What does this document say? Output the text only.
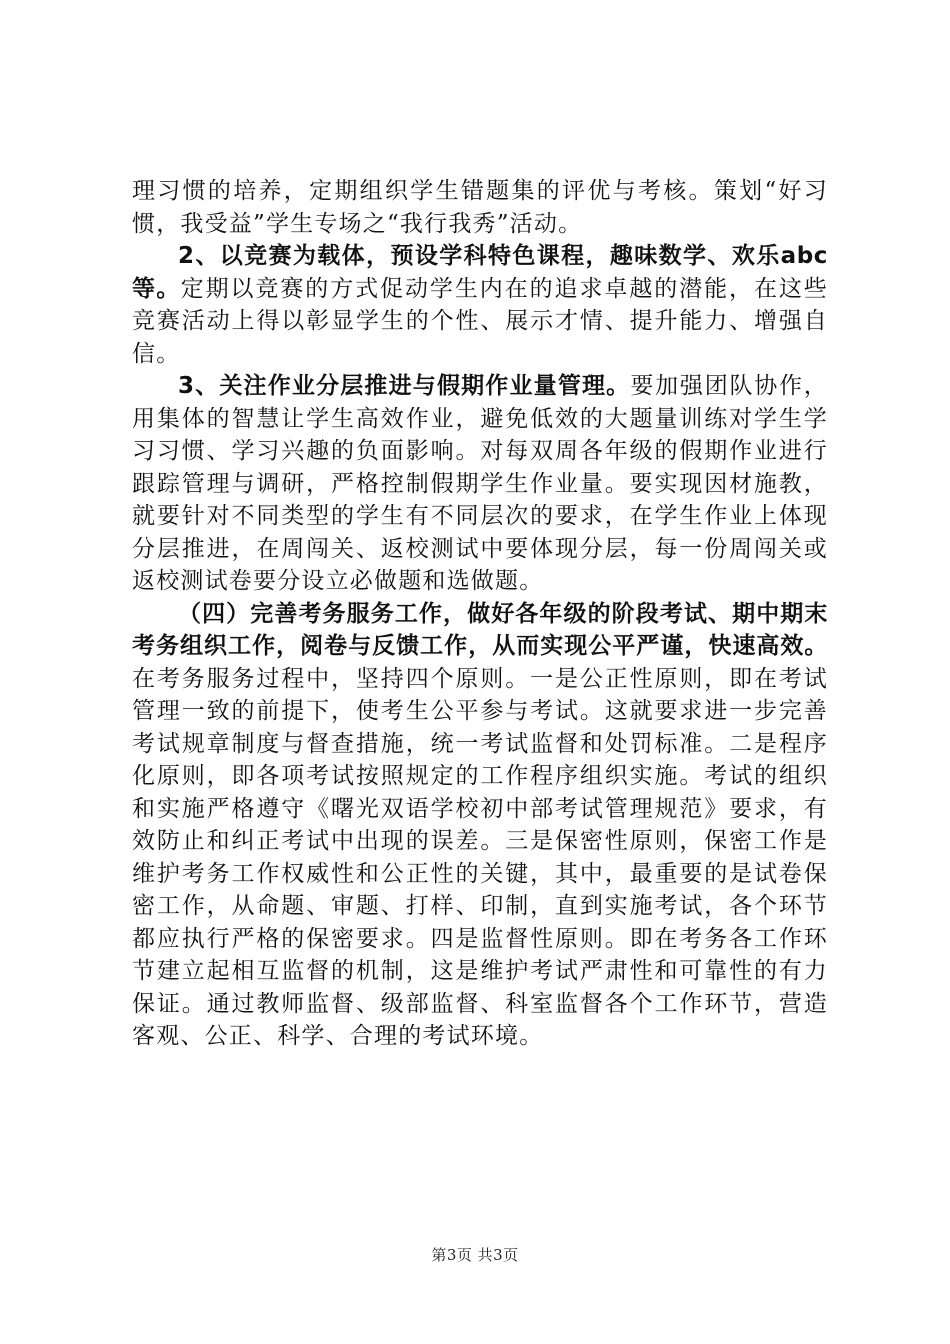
理习惯的培养，定期组织学生错题集的评优与考核。策划“好习惯，我受益”学生专场之“我行我秀”活动。

2、以竞赛为载体，预设学科特色课程，趣味数学、欢乐abc等。定期以竞赛的方式促动学生内在的追求卓越的潜能，在这些竞赛活动上得以彰显学生的个性、展示才情、提升能力、增强自信。

3、关注作业分层推进与假期作业量管理。要加强团队协作，用集体的智慧让学生高效作业，避免低效的大题量训练对学生学习习惯、学习兴趣的负面影响。对每双周各年级的假期作业进行跟踪管理与调研，严格控制假期学生作业量。要实现因材施教，就要针对不同类型的学生有不同层次的要求，在学生作业上体现分层推进，在周闯关、返校测试中要体现分层，每一份周闯关或返校测试卷要分设立必做题和选做题。

（四）完善考务服务工作，做好各年级的阶段考试、期中期末考务组织工作，阅卷与反馈工作，从而实现公平严谨，快速高效。在考务服务过程中，坚持四个原则。一是公正性原则，即在考试管理一致的前提下，使考生公平参与考试。这就要求进一步完善考试规章制度与督查措施，统一考试监督和处罚标准。二是程序化原则，即各项考试按照规定的工作程序组织实施。考试的组织和实施严格遵守《曙光双语学校初中部考试管理规范》要求，有效防止和纠正考试中出现的误差。三是保密性原则，保密工作是维护考务工作权威性和公正性的关键，其中，最重要的是试卷保密工作，从命题、审题、打样、印制，直到实施考试，各个环节都应执行严格的保密要求。四是监督性原则。即在考务各工作环节建立起相互监督的机制，这是维护考试严肃性和可靠性的有力保证。通过教师监督、级部监督、科室监督各个工作环节，营造客观、公正、科学、合理的考试环境。

第3页 共3页
